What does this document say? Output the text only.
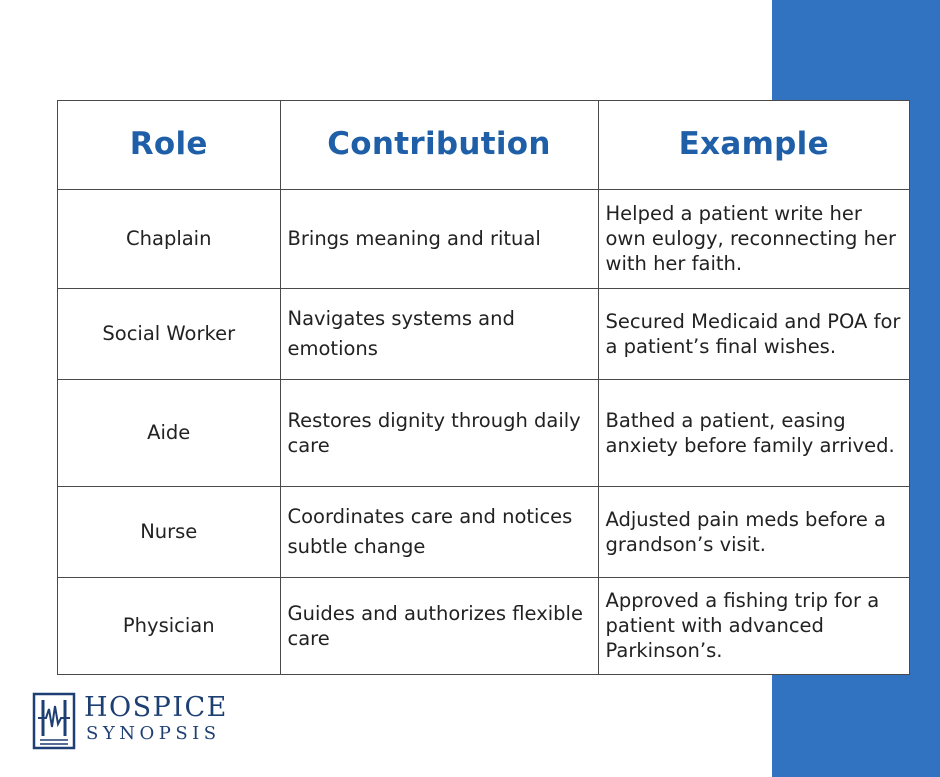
Role	Contribution	Example
Chaplain	Brings meaning and ritual	Helped a patient write her own eulogy, reconnecting her with her faith.
Social Worker	Navigates systems and emotions	Secured Medicaid and POA for a patient’s final wishes.
Aide	Restores dignity through daily care	Bathed a patient, easing anxiety before family arrived.
Nurse	Coordinates care and notices subtle change	Adjusted pain meds before a grandson’s visit.
Physician	Guides and authorizes flexible care	Approved a fishing trip for a patient with advanced Parkinson’s.
HOSPICE
SYNOPSIS
